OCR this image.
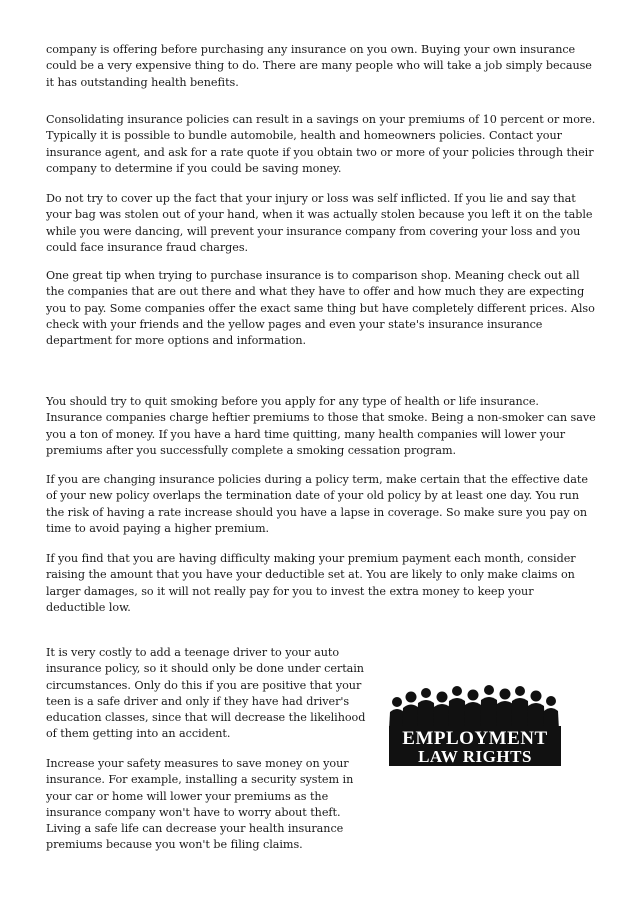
company is offering before purchasing any insurance on you own. Buying your own insurance could be a very expensive thing to do. There are many people who will take a job simply because it has outstanding health benefits.

Consolidating insurance policies can result in a savings on your premiums of 10 percent or more. Typically it is possible to bundle automobile, health and homeowners policies. Contact your insurance agent, and ask for a rate quote if you obtain two or more of your policies through their company to determine if you could be saving money.

Do not try to cover up the fact that your injury or loss was self inflicted. If you lie and say that your bag was stolen out of your hand, when it was actually stolen because you left it on the table while you were dancing, will prevent your insurance company from covering your loss and you could face insurance fraud charges.

One great tip when trying to purchase insurance is to comparison shop. Meaning check out all the companies that are out there and what they have to offer and how much they are expecting you to pay. Some companies offer the exact same thing but have completely different prices. Also check with your friends and the yellow pages and even your state's insurance insurance department for more options and information.

You should try to quit smoking before you apply for any type of health or life insurance. Insurance companies charge heftier premiums to those that smoke. Being a non-smoker can save you a ton of money. If you have a hard time quitting, many health companies will lower your premiums after you successfully complete a smoking cessation program.

If you are changing insurance policies during a policy term, make certain that the effective date of your new policy overlaps the termination date of your old policy by at least one day. You run the risk of having a rate increase should you have a lapse in coverage. So make sure you pay on time to avoid paying a higher premium.

If you find that you are having difficulty making your premium payment each month, consider raising the amount that you have your deductible set at. You are likely to only make claims on larger damages, so it will not really pay for you to invest the extra money to keep your deductible low.

It is very costly to add a teenage driver to your auto insurance policy, so it should only be done under certain circumstances. Only do this if you are positive that your teen is a safe driver and only if they have had driver's education classes, since that will decrease the likelihood of them getting into an accident.

Increase your safety measures to save money on your insurance. For example, installing a security system in your car or home will lower your premiums as the insurance company won't have to worry about theft. Living a safe life can decrease your health insurance premiums because you won't be filing claims.

EMPLOYMENT
LAW RIGHTS
